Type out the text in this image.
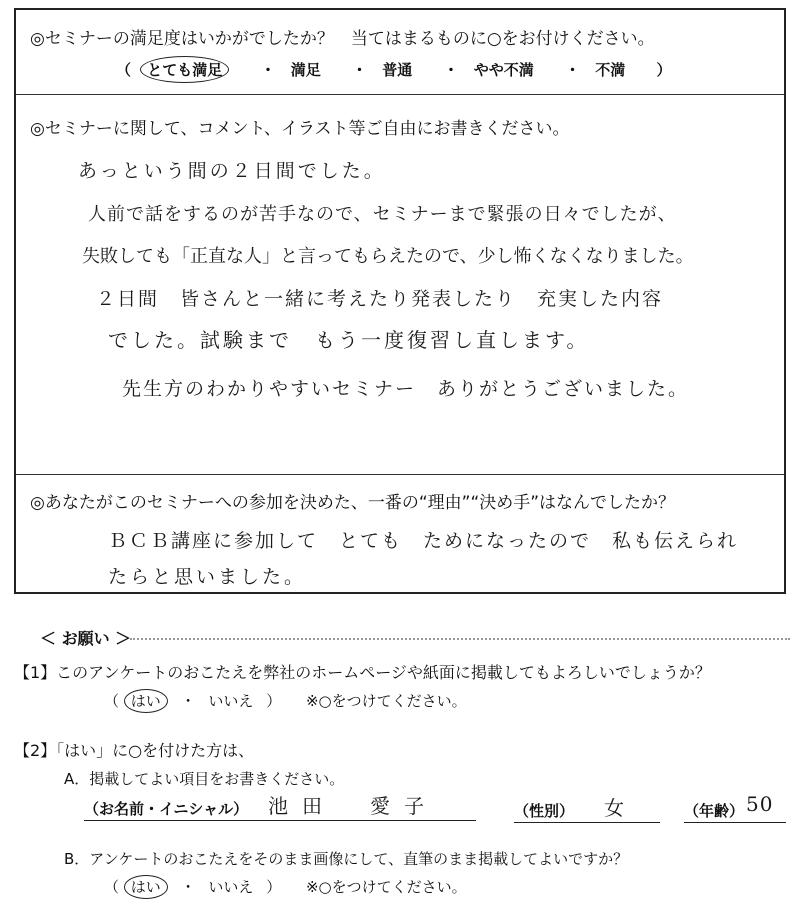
◎セミナーの満足度はいかがでしたか？　当てはまるものに○をお付けください。
（ とても満足	・ 満足 ・ 普通 ・ やや不満 ・ 不満 ）
◎セミナーに関して、コメント、イラスト等ご自由にお書きください。
あっという間の２日間でした。
人前で話をするのが苦手なので、セミナーまで緊張の日々でしたが、
失敗しても「正直な人」と言ってもらえたので、少し怖くなくなりました。
２日間　皆さんと一緒に考えたり発表したり　充実した内容
でした。試験まで　もう一度復習し直します。
先生方のわかりやすいセミナー　ありがとうございました。
◎あなたがこのセミナーへの参加を決めた、一番の“理由”“決め手”はなんでしたか？
ＢＣＢ講座に参加して　とても　ためになったので　私も伝えられ
たらと思いました。
＜ お願い ＞
【1】このアンケートのおこたえを弊社のホームページや紙面に掲載してもよろしいでしょうか？
（ はい ・ いいえ ） ※○をつけてください。
【2】「はい」に○を付けた方は、
A．掲載してよい項目をお書きください。
（お名前・イニシャル） 池田　愛子	（性別） 女	（年齢） 50
B．アンケートのおこたえをそのまま画像にして、直筆のまま掲載してよいですか？
（ はい ・ いいえ ） ※○をつけてください。
